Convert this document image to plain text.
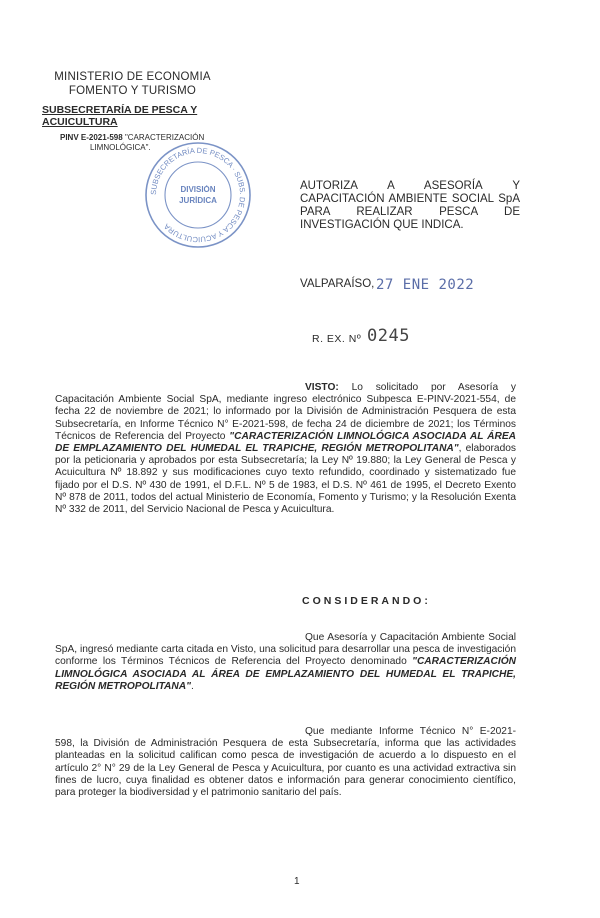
MINISTERIO DE ECONOMIA
FOMENTO Y TURISMO
SUBSECRETARÍA DE PESCA Y
ACUICULTURA
PINV E-2021-598 "CARACTERIZACIÓN
LIMNOLÓGICA".
SUBSECRETARÍA DE PESCA · SUBS. DE PESCA Y ACUICULTURA
DIVISIÓN
JURÍDICA
AUTORIZA A ASESORÍA Y CAPACITACIÓN AMBIENTE SOCIAL SpA PARA REALIZAR PESCA DE INVESTIGACIÓN QUE INDICA.
VALPARAÍSO, 27 ENE 2022
R. EX. Nº 0245
VISTO: Lo solicitado por Asesoría y Capacitación Ambiente Social SpA, mediante ingreso electrónico Subpesca E-PINV-2021-554, de fecha 22 de noviembre de 2021; lo informado por la División de Administración Pesquera de esta Subsecretaría, en Informe Técnico N° E-2021-598, de fecha 24 de diciembre de 2021; los Términos Técnicos de Referencia del Proyecto "CARACTERIZACIÓN LIMNOLÓGICA ASOCIADA AL ÁREA DE EMPLAZAMIENTO DEL HUMEDAL EL TRAPICHE, REGIÓN METROPOLITANA", elaborados por la peticionaria y aprobados por esta Subsecretaría; la Ley Nº 19.880; la Ley General de Pesca y Acuicultura Nº 18.892 y sus modificaciones cuyo texto refundido, coordinado y sistematizado fue fijado por el D.S. Nº 430 de 1991, el D.F.L. Nº 5 de 1983, el D.S. Nº 461 de 1995, el Decreto Exento Nº 878 de 2011, todos del actual Ministerio de Economía, Fomento y Turismo; y la Resolución Exenta Nº 332 de 2011, del Servicio Nacional de Pesca y Acuicultura.
CONSIDERANDO:
Que Asesoría y Capacitación Ambiente Social SpA, ingresó mediante carta citada en Visto, una solicitud para desarrollar una pesca de investigación conforme los Términos Técnicos de Referencia del Proyecto denominado "CARACTERIZACIÓN LIMNOLÓGICA ASOCIADA AL ÁREA DE EMPLAZAMIENTO DEL HUMEDAL EL TRAPICHE, REGIÓN METROPOLITANA".
Que mediante Informe Técnico N° E-2021-598, la División de Administración Pesquera de esta Subsecretaría, informa que las actividades planteadas en la solicitud califican como pesca de investigación de acuerdo a lo dispuesto en el artículo 2° N° 29 de la Ley General de Pesca y Acuicultura, por cuanto es una actividad extractiva sin fines de lucro, cuya finalidad es obtener datos e información para generar conocimiento científico, para proteger la biodiversidad y el patrimonio sanitario del país.
1
